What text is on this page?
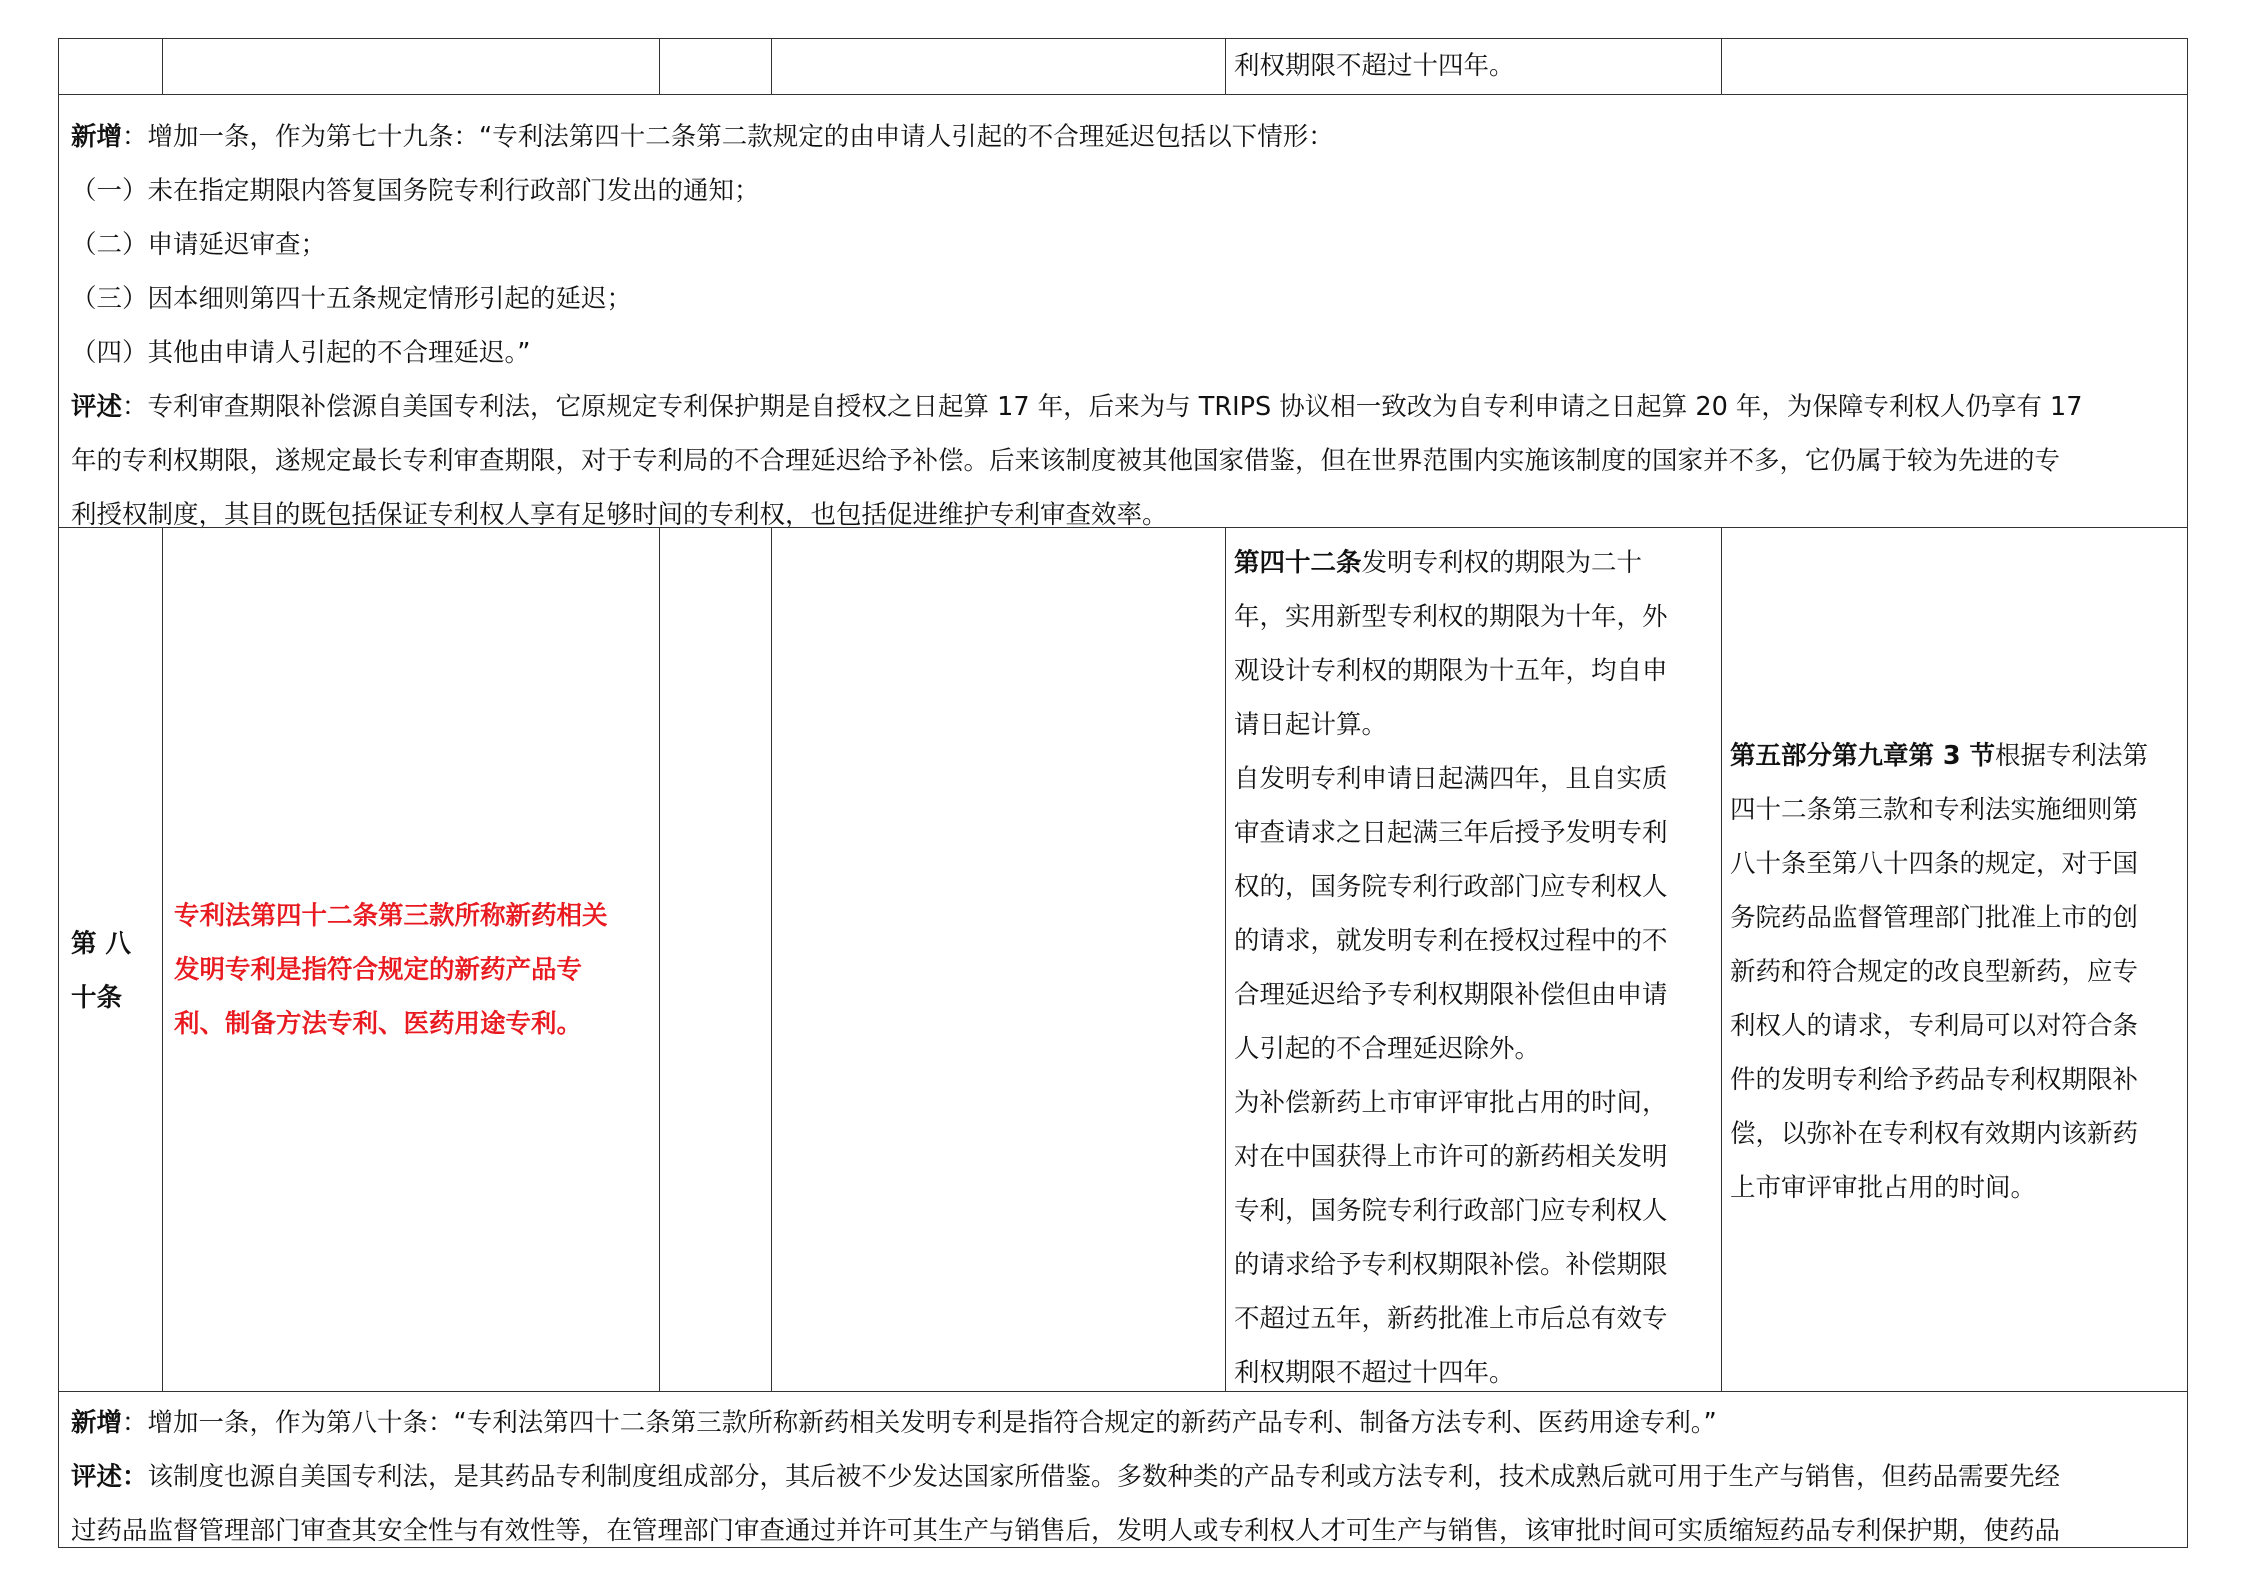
利权期限不超过十四年。
新增：增加一条，作为第七十九条：“专利法第四十二条第二款规定的由申请人引起的不合理延迟包括以下情形：
（一）未在指定期限内答复国务院专利行政部门发出的通知；
（二）申请延迟审查；
（三）因本细则第四十五条规定情形引起的延迟；
（四）其他由申请人引起的不合理延迟。”
评述：专利审查期限补偿源自美国专利法，它原规定专利保护期是自授权之日起算 17 年，后来为与 TRIPS 协议相一致改为自专利申请之日起算 20 年，为保障专利权人仍享有 17
年的专利权期限，遂规定最长专利审查期限，对于专利局的不合理延迟给予补偿。后来该制度被其他国家借鉴，但在世界范围内实施该制度的国家并不多，它仍属于较为先进的专
利授权制度，其目的既包括保证专利权人享有足够时间的专利权，也包括促进维护专利审查效率。
第 八
十条
专利法第四十二条第三款所称新药相关
发明专利是指符合规定的新药产品专
利、制备方法专利、医药用途专利。
第四十二条发明专利权的期限为二十
年，实用新型专利权的期限为十年，外
观设计专利权的期限为十五年，均自申
请日起计算。
自发明专利申请日起满四年，且自实质
审查请求之日起满三年后授予发明专利
权的，国务院专利行政部门应专利权人
的请求，就发明专利在授权过程中的不
合理延迟给予专利权期限补偿但由申请
人引起的不合理延迟除外。
为补偿新药上市审评审批占用的时间，
对在中国获得上市许可的新药相关发明
专利，国务院专利行政部门应专利权人
的请求给予专利权期限补偿。补偿期限
不超过五年，新药批准上市后总有效专
利权期限不超过十四年。
第五部分第九章第 3 节根据专利法第
四十二条第三款和专利法实施细则第
八十条至第八十四条的规定，对于国
务院药品监督管理部门批准上市的创
新药和符合规定的改良型新药，应专
利权人的请求，专利局可以对符合条
件的发明专利给予药品专利权期限补
偿，以弥补在专利权有效期内该新药
上市审评审批占用的时间。
新增：增加一条，作为第八十条：“专利法第四十二条第三款所称新药相关发明专利是指符合规定的新药产品专利、制备方法专利、医药用途专利。”
评述：该制度也源自美国专利法，是其药品专利制度组成部分，其后被不少发达国家所借鉴。多数种类的产品专利或方法专利，技术成熟后就可用于生产与销售，但药品需要先经
过药品监督管理部门审查其安全性与有效性等，在管理部门审查通过并许可其生产与销售后，发明人或专利权人才可生产与销售，该审批时间可实质缩短药品专利保护期，使药品
